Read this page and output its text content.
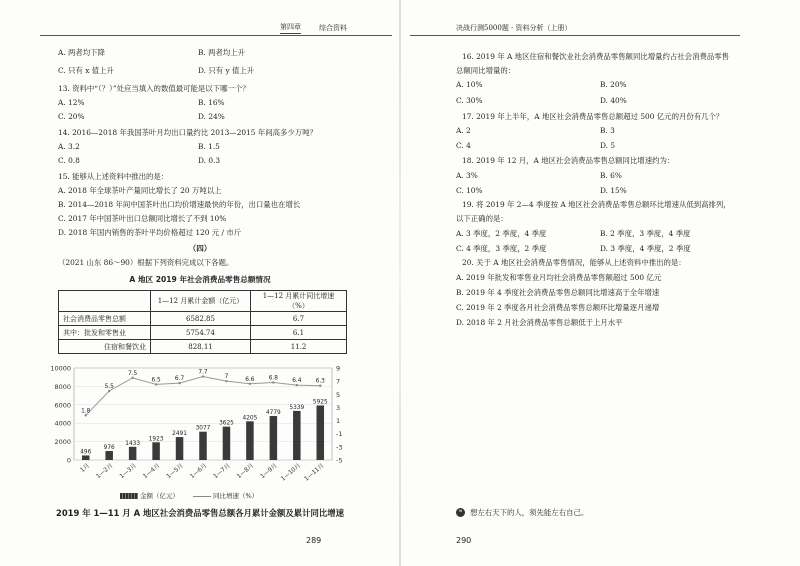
第四章	综合资料
A. 两者均下降	B. 两者均上升
C. 只有 x 值上升	D. 只有 y 值上升
13. 资料中“（？）”处应当填入的数值最可能是以下哪一个？
A. 12%	B. 16%
C. 20%	D. 24%
14. 2016—2018 年我国茶叶月均出口量约比 2013—2015 年间高多少万吨？
A. 3.2	B. 1.5
C. 0.8	D. 0.3
15. 能够从上述资料中推出的是：
A. 2018 年全球茶叶产量同比增长了 20 万吨以上
B. 2014—2018 年间中国茶叶出口均价增速最快的年份，出口量也在增长
C. 2017 年中国茶叶出口总额同比增长了不到 10%
D. 2018 年国内销售的茶叶平均价格超过 120 元 / 市斤
（四）
（2021 山东 86～90）根据下列资料完成以下各题。
A 地区 2019 年社会消费品零售总额情况
	1—12 月累计金额（亿元）	1—12 月累计同比增速（%）
社会消费品零售总额	6582.85	6.7
其中：批发和零售业	5754.74	6.1
住宿和餐饮业	828.11	11.2
0
2000
4000
6000
8000
10000
-5
-3
-1
1
3
5
7
9
496
976
1433
1923
2491
3077
3625
4205
4779
5339
5925
1.8
5.5
7.5
6.5 6.7
7.7
7	6.6 6.8 6.4 6.3
1月 1—2月 1—3月 1—4月 1—5月 1—6月 1—7月 1—8月 1—9月 1—10月 1—11月
金额（亿元）	同比增速（%）
2019 年 1—11 月 A 地区社会消费品零售总额各月累计金额及累计同比增速
289
决战行测5000题 · 资料分析（上册）
16. 2019 年 A 地区住宿和餐饮业社会消费品零售额同比增量约占社会消费品零售
总额同比增量的：
A. 10%	B. 20%
C. 30%	D. 40%
17. 2019 年上半年，A 地区社会消费品零售总额超过 500 亿元的月份有几个？
A. 2	B. 3
C. 4	D. 5
18. 2019 年 12 月，A 地区社会消费品零售总额同比增速约为：
A. 3%	B. 6%
C. 10%	D. 15%
19. 将 2019 年 2—4 季度按 A 地区社会消费品零售总额环比增速从低到高排列，
以下正确的是：
A. 3 季度，2 季度，4 季度	B. 2 季度，3 季度，4 季度
C. 4 季度，3 季度，2 季度	D. 3 季度，4 季度，2 季度
20. 关于 A 地区社会消费品零售情况，能够从上述资料中推出的是：
A. 2019 年批发和零售业月均社会消费品零售额超过 500 亿元
B. 2019 年 4 季度社会消费品零售总额同比增速高于全年增速
C. 2019 年 2 季度各月社会消费品零售总额环比增量逐月递增
D. 2018 年 2 月社会消费品零售总额低于上月水平
❝	想左右天下的人，须先能左右自己。
290
